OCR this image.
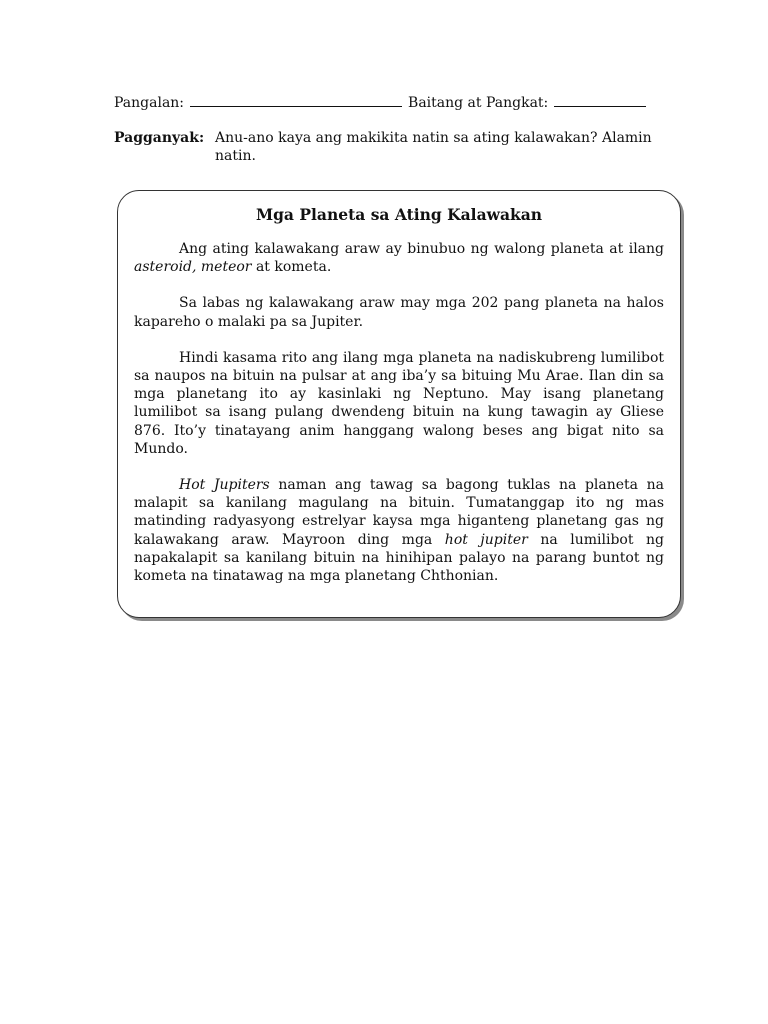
Pangalan:	Baitang at Pangkat:
Pagganyak: Anu-ano kaya ang makikita natin sa ating kalawakan? Alamin natin.
Mga Planeta sa Ating Kalawakan

Ang ating kalawakang araw ay binubuo ng walong planeta at ilang asteroid, meteor at kometa.

Sa labas ng kalawakang araw may mga 202 pang planeta na halos kapareho o malaki pa sa Jupiter.

Hindi kasama rito ang ilang mga planeta na nadiskubreng lumilibot sa naupos na bituin na pulsar at ang iba’y sa bituing Mu Arae. Ilan din sa mga planetang ito ay kasinlaki ng Neptuno. May isang planetang lumilibot sa isang pulang dwendeng bituin na kung tawagin ay Gliese 876. Ito’y tinatayang anim hanggang walong beses ang bigat nito sa Mundo.

Hot Jupiters naman ang tawag sa bagong tuklas na planeta na malapit sa kanilang magulang na bituin. Tumatanggap ito ng mas matinding radyasyong estrelyar kaysa mga higanteng planetang gas ng kalawakang araw. Mayroon ding mga hot jupiter na lumilibot ng napakalapit sa kanilang bituin na hinihipan palayo na parang buntot ng kometa na tinatawag na mga planetang Chthonian.
